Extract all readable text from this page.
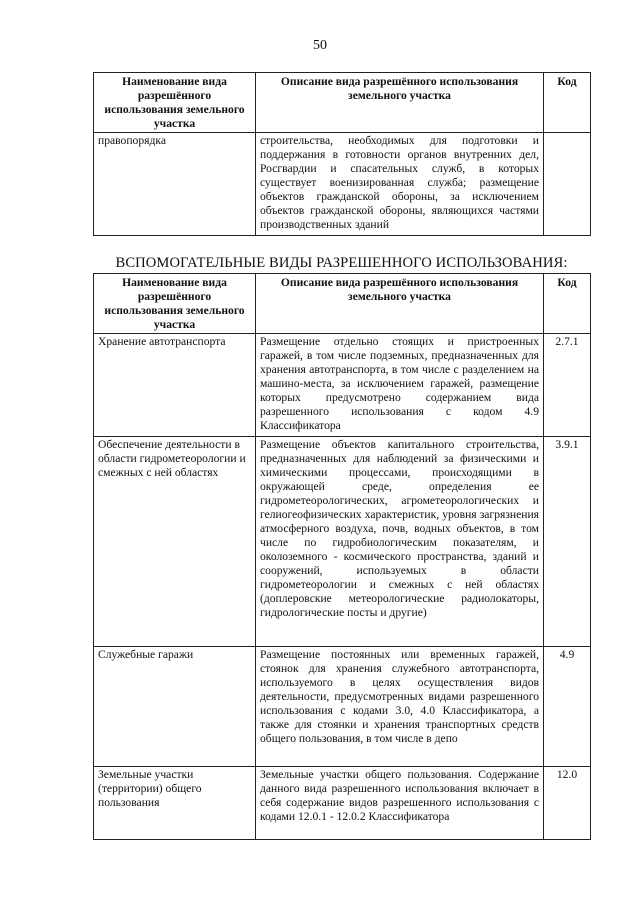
50
Наименование вида разрешённого использования земельного участка	Описание вида разрешённого использования земельного участка	Код
правопорядка	строительства, необходимых для подготовки и поддержания в готовности органов внутренних дел, Росгвардии и спасательных служб, в которых существует военизированная служба; размещение объектов гражданской обороны, за исключением объектов гражданской обороны, являющихся частями производственных зданий	
ВСПОМОГАТЕЛЬНЫЕ ВИДЫ РАЗРЕШЕННОГО ИСПОЛЬЗОВАНИЯ:
Наименование вида разрешённого использования земельного участка	Описание вида разрешённого использования земельного участка	Код
Хранение автотранспорта	Размещение отдельно стоящих и пристроенных гаражей, в том числе подземных, предназначенных для хранения автотранспорта, в том числе с разделением на машино-места, за исключением гаражей, размещение которых предусмотрено содержанием вида разрешенного использования с кодом 4.9 Классификатора	2.7.1
Обеспечение деятельности в области гидрометеорологии и смежных с ней областях	Размещение объектов капитального строительства, предназначенных для наблюдений за физическими и химическими процессами, происходящими в окружающей среде, определения ее гидрометеорологических, агрометеорологических и гелиогеофизических характеристик, уровня загрязнения атмосферного воздуха, почв, водных объектов, в том числе по гидробиологическим показателям, и околоземного - космического пространства, зданий и сооружений, используемых в области гидрометеорологии и смежных с ней областях (доплеровские метеорологические радиолокаторы, гидрологические посты и другие)	3.9.1
Служебные гаражи	Размещение постоянных или временных гаражей, стоянок для хранения служебного автотранспорта, используемого в целях осуществления видов деятельности, предусмотренных видами разрешенного использования с кодами 3.0, 4.0 Классификатора, а также для стоянки и хранения транспортных средств общего пользования, в том числе в депо	4.9
Земельные участки (территории) общего пользования	Земельные участки общего пользования. Содержание данного вида разрешенного использования включает в себя содержание видов разрешенного использования с кодами 12.0.1 - 12.0.2 Классификатора	12.0
